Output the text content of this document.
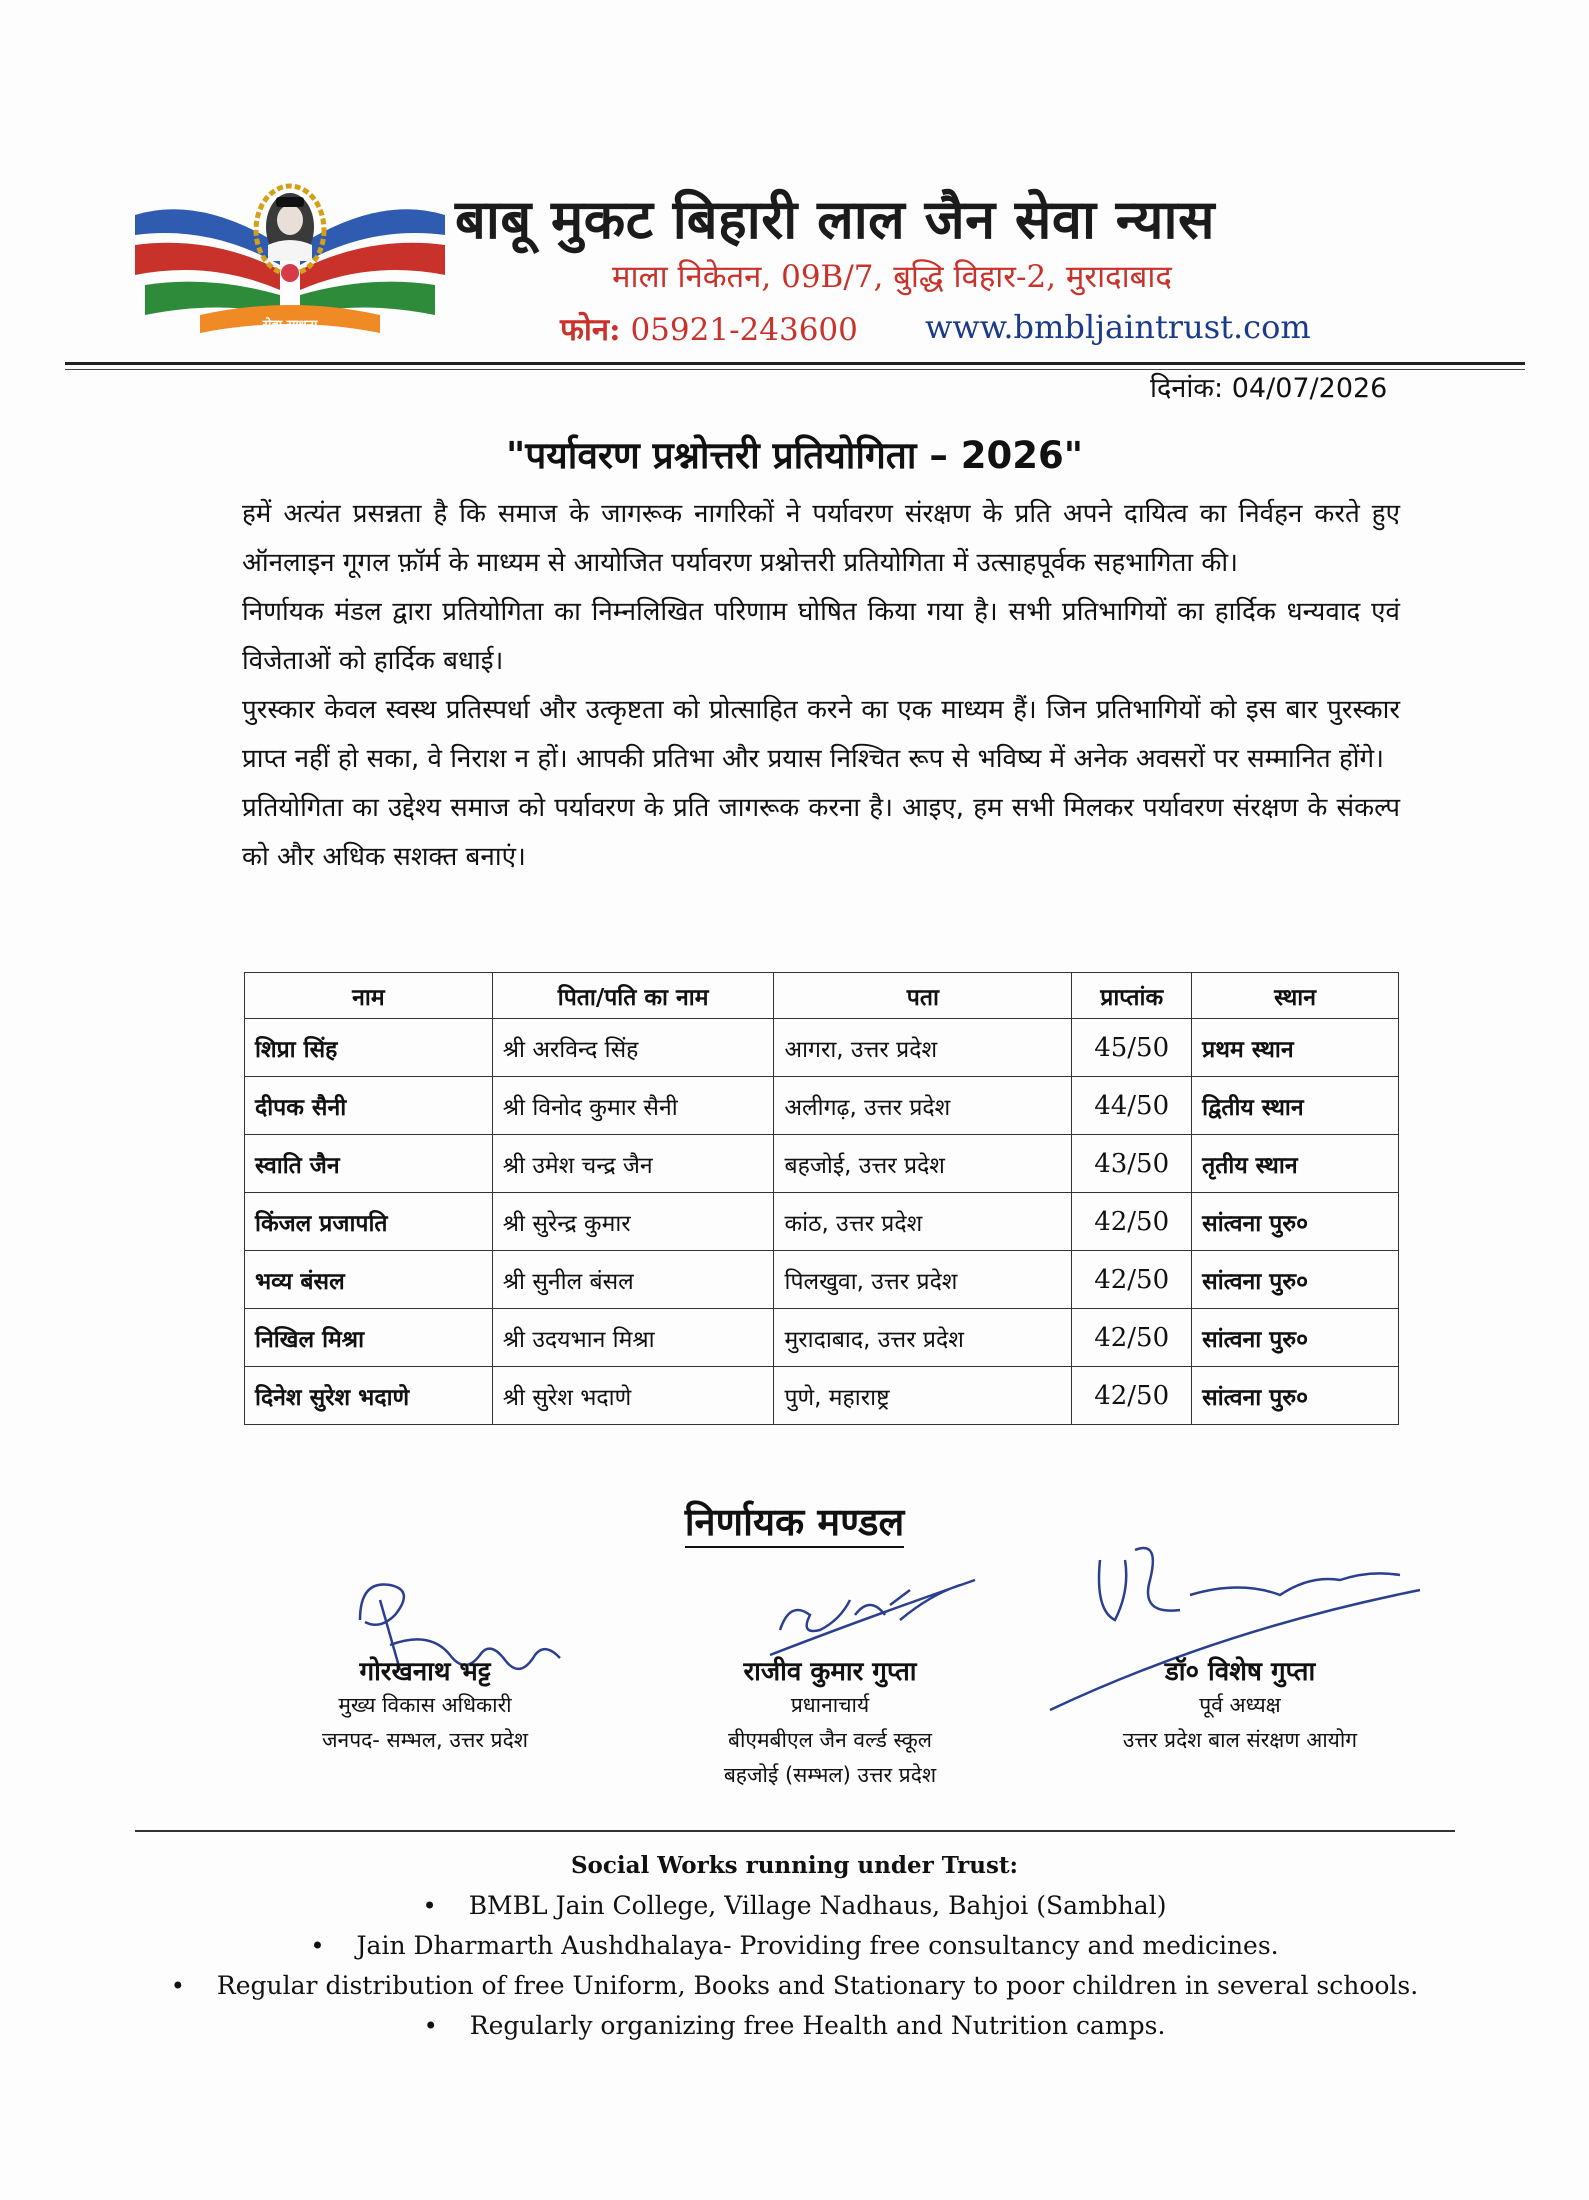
सेवा साधना
बाबू मुकट बिहारी लाल जैन सेवा न्यास
माला निकेतन, 09B/7, बुद्धि विहार-2, मुरादाबाद
फोन: 05921-243600 www.bmbljaintrust.com
दिनांक: 04/07/2026
"पर्यावरण प्रश्नोत्तरी प्रतियोगिता – 2026"

हमें अत्यंत प्रसन्नता है कि समाज के जागरूक नागरिकों ने पर्यावरण संरक्षण के प्रति अपने दायित्व का निर्वहन करते हुए ऑनलाइन गूगल फ़ॉर्म के माध्यम से आयोजित पर्यावरण प्रश्नोत्तरी प्रतियोगिता में उत्साहपूर्वक सहभागिता की।

निर्णायक मंडल द्वारा प्रतियोगिता का निम्नलिखित परिणाम घोषित किया गया है। सभी प्रतिभागियों का हार्दिक धन्यवाद एवं विजेताओं को हार्दिक बधाई।

पुरस्कार केवल स्वस्थ प्रतिस्पर्धा और उत्कृष्टता को प्रोत्साहित करने का एक माध्यम हैं। जिन प्रतिभागियों को इस बार पुरस्कार प्राप्त नहीं हो सका, वे निराश न हों। आपकी प्रतिभा और प्रयास निश्चित रूप से भविष्य में अनेक अवसरों पर सम्मानित होंगे।

प्रतियोगिता का उद्देश्य समाज को पर्यावरण के प्रति जागरूक करना है। आइए, हम सभी मिलकर पर्यावरण संरक्षण के संकल्प को और अधिक सशक्त बनाएं।

नाम	पिता/पति का नाम	पता	प्राप्तांक	स्थान
शिप्रा सिंह	श्री अरविन्द सिंह	आगरा, उत्तर प्रदेश	45/50	प्रथम स्थान
दीपक सैनी	श्री विनोद कुमार सैनी	अलीगढ़, उत्तर प्रदेश	44/50	द्वितीय स्थान
स्वाति जैन	श्री उमेश चन्द्र जैन	बहजोई, उत्तर प्रदेश	43/50	तृतीय स्थान
किंजल प्रजापति	श्री सुरेन्द्र कुमार	कांठ, उत्तर प्रदेश	42/50	सांत्वना पुरु०
भव्य बंसल	श्री सुनील बंसल	पिलखुवा, उत्तर प्रदेश	42/50	सांत्वना पुरु०
निखिल मिश्रा	श्री उदयभान मिश्रा	मुरादाबाद, उत्तर प्रदेश	42/50	सांत्वना पुरु०
दिनेश सुरेश भदाणे	श्री सुरेश भदाणे	पुणे, महाराष्ट्र	42/50	सांत्वना पुरु०
निर्णायक मण्डल
गोरखनाथ भट्ट
मुख्य विकास अधिकारी
जनपद- सम्भल, उत्तर प्रदेश
राजीव कुमार गुप्ता
प्रधानाचार्य
बीएमबीएल जैन वर्ल्ड स्कूल
बहजोई (सम्भल) उत्तर प्रदेश
डॉ० विशेष गुप्ता
पूर्व अध्यक्ष
उत्तर प्रदेश बाल संरक्षण आयोग
Social Works running under Trust:
• BMBL Jain College, Village Nadhaus, Bahjoi (Sambhal)
• Jain Dharmarth Aushdhalaya- Providing free consultancy and medicines.
• Regular distribution of free Uniform, Books and Stationary to poor children in several schools.
• Regularly organizing free Health and Nutrition camps.
